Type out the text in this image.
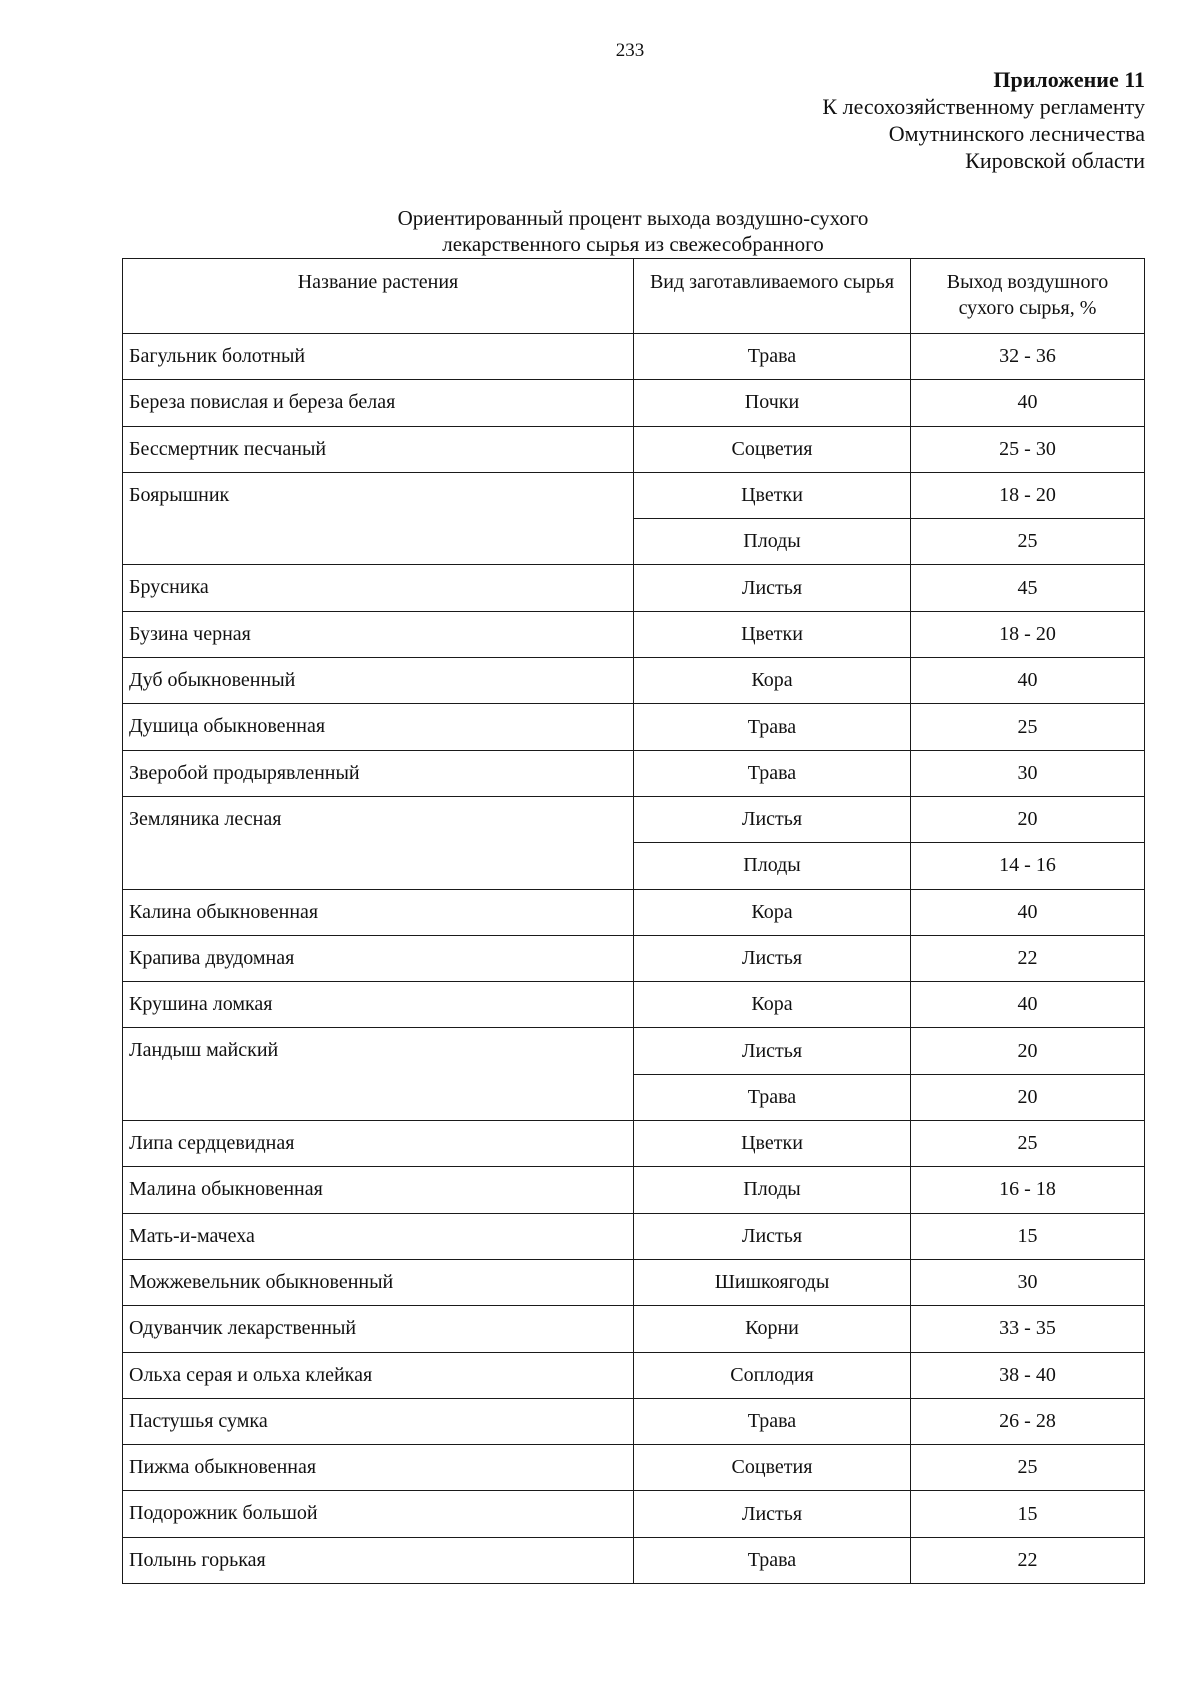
233
Приложение 11
К лесохозяйственному регламенту
Омутнинского лесничества
Кировской области
Ориентированный процент выхода воздушно-сухого
лекарственного сырья из свежесобранного
Название растения	Вид заготавливаемого сырья	Выход воздушного сухого сырья, %
Багульник болотный	Трава	32 - 36
Береза повислая и береза белая	Почки	40
Бессмертник песчаный	Соцветия	25 - 30
Боярышник	Цветки	18 - 20
	Плоды	25
Брусника	Листья	45
Бузина черная	Цветки	18 - 20
Дуб обыкновенный	Кора	40
Душица обыкновенная	Трава	25
Зверобой продырявленный	Трава	30
Земляника лесная	Листья	20
	Плоды	14 - 16
Калина обыкновенная	Кора	40
Крапива двудомная	Листья	22
Крушина ломкая	Кора	40
Ландыш майский	Листья	20
	Трава	20
Липа сердцевидная	Цветки	25
Малина обыкновенная	Плоды	16 - 18
Мать-и-мачеха	Листья	15
Можжевельник обыкновенный	Шишкоягоды	30
Одуванчик лекарственный	Корни	33 - 35
Ольха серая и ольха клейкая	Соплодия	38 - 40
Пастушья сумка	Трава	26 - 28
Пижма обыкновенная	Соцветия	25
Подорожник большой	Листья	15
Полынь горькая	Трава	22
